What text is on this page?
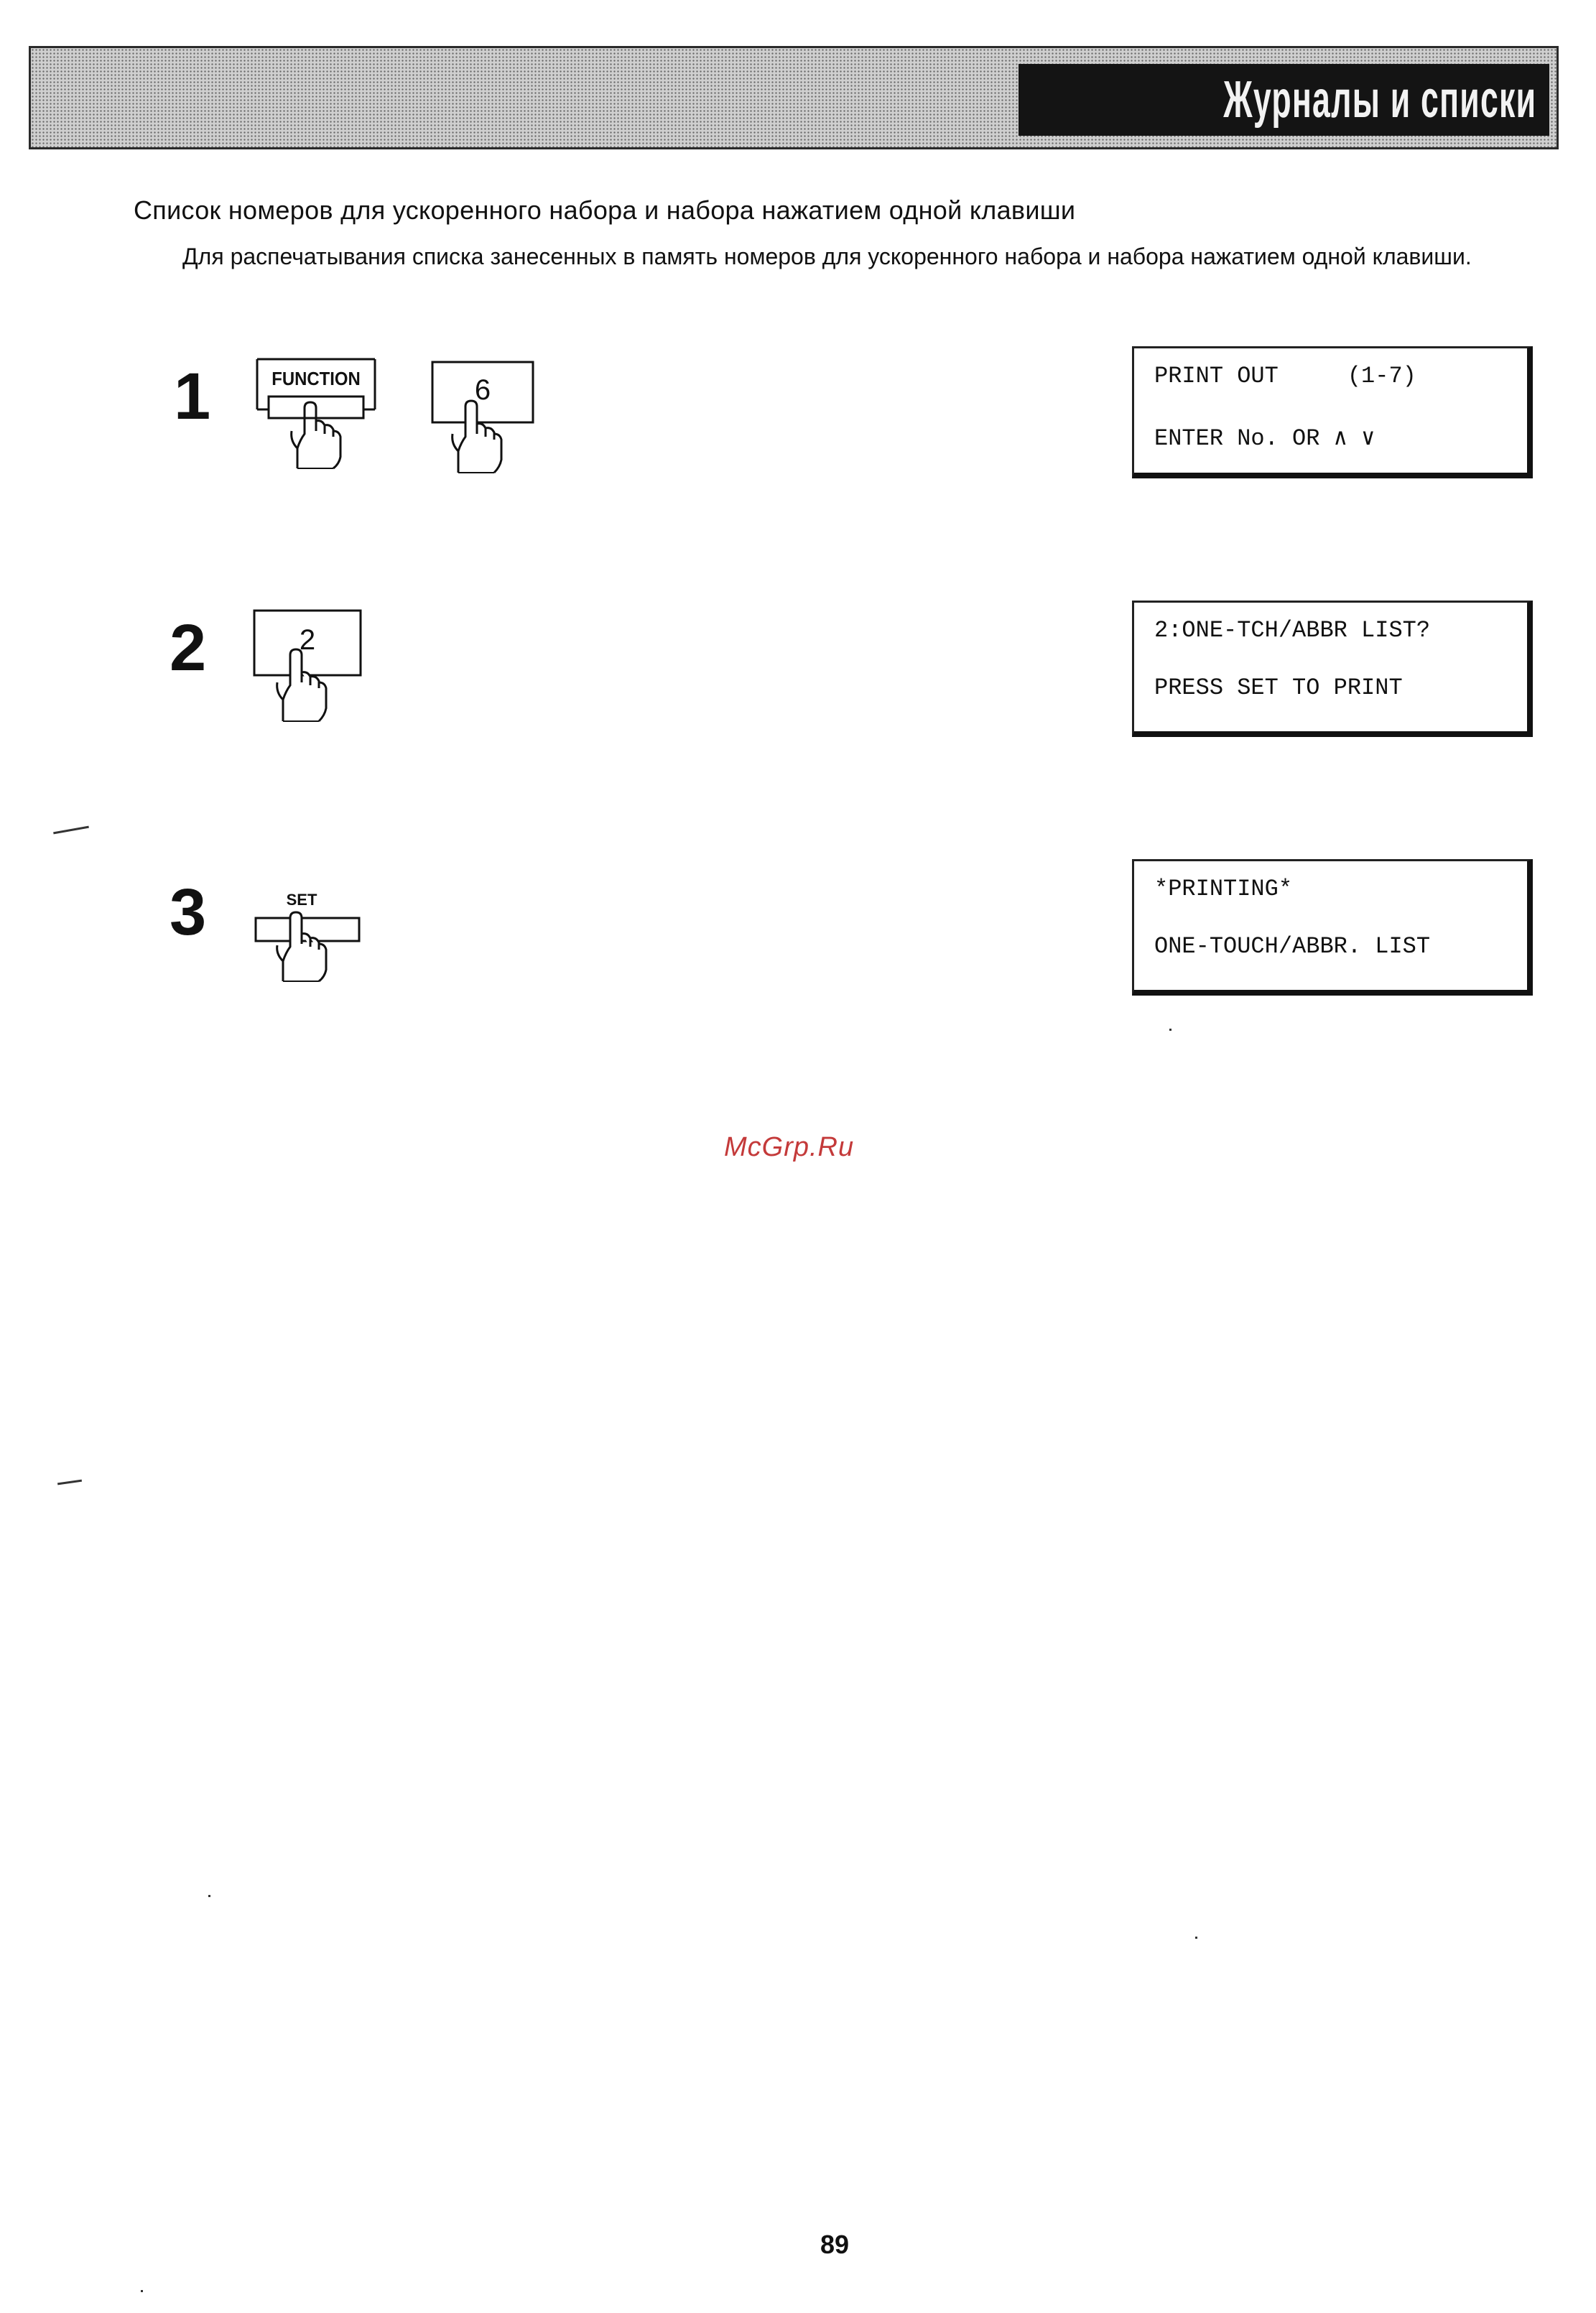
Журналы и списки
Список номеров для ускоренного набора и набора нажатием одной клавиши
Для распечатывания списка занесенных в память номеров для ускоренного набора и набора нажатием одной клавиши.
1	FUNCTION	6	PRINT OUT     (1-7)
ENTER No. OR ∧ ∨
2	2	2:ONE-TCH/ABBR LIST?
PRESS SET TO PRINT
3	SET	*PRINTING*
ONE-TOUCH/ABBR. LIST
McGrp.Ru
89
